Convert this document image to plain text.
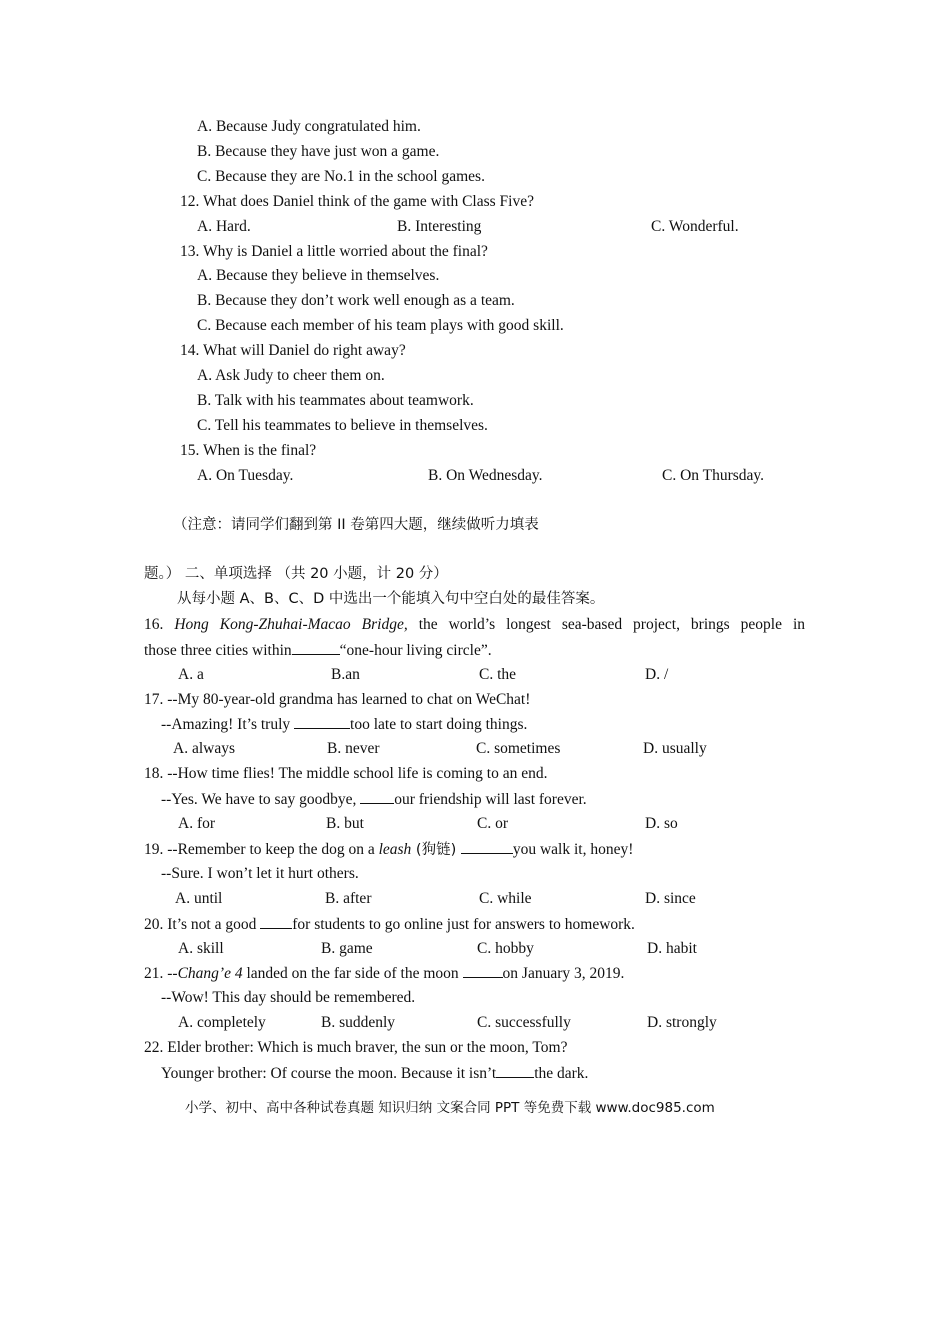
A. Because Judy congratulated him.
B. Because they have just won a game.
C. Because they are No.1 in the school games.
12. What does Daniel think of the game with Class Five?
A. Hard.	B. Interesting	C. Wonderful.
13. Why is Daniel a little worried about the final?
A. Because they believe in themselves.
B. Because they don’t work well enough as a team.
C. Because each member of his team plays with good skill.
14. What will Daniel do right away?
A. Ask Judy to cheer them on.
B. Talk with his teammates about teamwork.
C. Tell his teammates to believe in themselves.
15. When is the final?
A. On Tuesday.	B. On Wednesday.	C. On Thursday.
（注意：请同学们翻到第 II 卷第四大题，继续做听力填表
题。） 二、单项选择 （共 20 小题，计 20 分）
从每小题 A、B、C、D 中选出一个能填入句中空白处的最佳答案。
16. Hong Kong-Zhuhai-Macao Bridge, the world’s longest sea-based project, brings people in
those three cities within	“one-hour living circle”.
A. a	B.an	C. the	D. /
17. --My 80-year-old grandma has learned to chat on WeChat!
--Amazing! It’s truly	too late to start doing things.
A. always	B. never	C. sometimes	D. usually
18. --How time flies! The middle school life is coming to an end.
--Yes. We have to say goodbye, our friendship will last forever.
A. for	B. but	C. or	D. so
19. --Remember to keep the dog on a leash (狗链)	you walk it, honey!
--Sure. I won’t let it hurt others.
A. until	B. after	C. while	D. since
20. It’s not a good for students to go online just for answers to homework.
A. skill	B. game	C. hobby	D. habit
21. --Chang’e 4 landed on the far side of the moon	on January 3, 2019.
--Wow! This day should be remembered.
A. completely	B. suddenly	C. successfully	D. strongly
22. Elder brother: Which is much braver, the sun or the moon, Tom?
Younger brother: Of course the moon. Because it isn’t the dark.
小学、初中、高中各种试卷真题 知识归纳 文案合同 PPT 等免费下载 www.doc985.com
